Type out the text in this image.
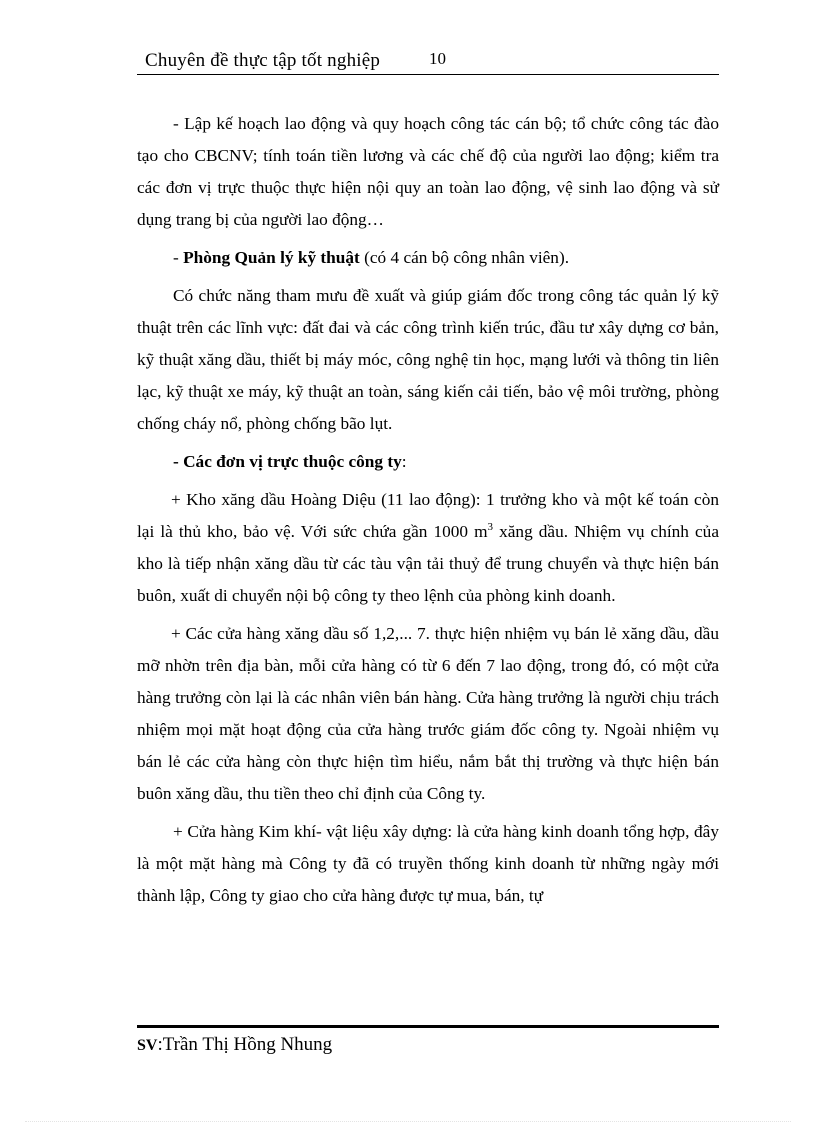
Chuyên đề thực tập tốt nghiệp	10

- Lập kế hoạch lao động và quy hoạch công tác cán bộ; tổ chức công tác đào tạo cho CBCNV; tính toán tiền lương và các chế độ của người lao động; kiểm tra các đơn vị trực thuộc thực hiện nội quy an toàn lao động, vệ sinh lao động và sử dụng trang bị của người lao động…

- Phòng Quản lý kỹ thuật (có 4 cán bộ công nhân viên).

Có chức năng tham mưu đề xuất và giúp giám đốc trong công tác quản lý kỹ thuật trên các lĩnh vực: đất đai và các công trình kiến trúc, đầu tư xây dựng cơ bản, kỹ thuật xăng dầu, thiết bị máy móc, công nghệ tin học, mạng lưới và thông tin liên lạc, kỹ thuật xe máy, kỹ thuật an toàn, sáng kiến cải tiến, bảo vệ môi trường, phòng chống cháy nổ, phòng chống bão lụt.

- Các đơn vị trực thuộc công ty:

+ Kho xăng dầu Hoàng Diệu (11 lao động): 1 trưởng kho và một kế toán còn lại là thủ kho, bảo vệ. Với sức chứa gần 1000 $m^3$ xăng dầu. Nhiệm vụ chính của kho là tiếp nhận xăng dầu từ các tàu vận tải thuỷ để trung chuyển và thực hiện bán buôn, xuất di chuyển nội bộ công ty theo lệnh của phòng kinh doanh.

+ Các cửa hàng xăng dầu số 1,2,... 7. thực hiện nhiệm vụ bán lẻ xăng dầu, dầu mỡ nhờn trên địa bàn, mỗi cửa hàng có từ 6 đến 7 lao động, trong đó, có một cửa hàng trưởng còn lại là các nhân viên bán hàng. Cửa hàng trưởng là người chịu trách nhiệm mọi mặt hoạt động của cửa hàng trước giám đốc công ty. Ngoài nhiệm vụ bán lẻ các cửa hàng còn thực hiện tìm hiểu, nắm bắt thị trường và thực hiện bán buôn xăng dầu, thu tiền theo chỉ định của Công ty.

+ Cửa hàng Kim khí- vật liệu xây dựng: là cửa hàng kinh doanh tổng hợp, đây là một mặt hàng mà Công ty đã có truyền thống kinh doanh từ những ngày mới thành lập, Công ty giao cho cửa hàng được tự mua, bán, tự

SV:Trần Thị Hồng Nhung
